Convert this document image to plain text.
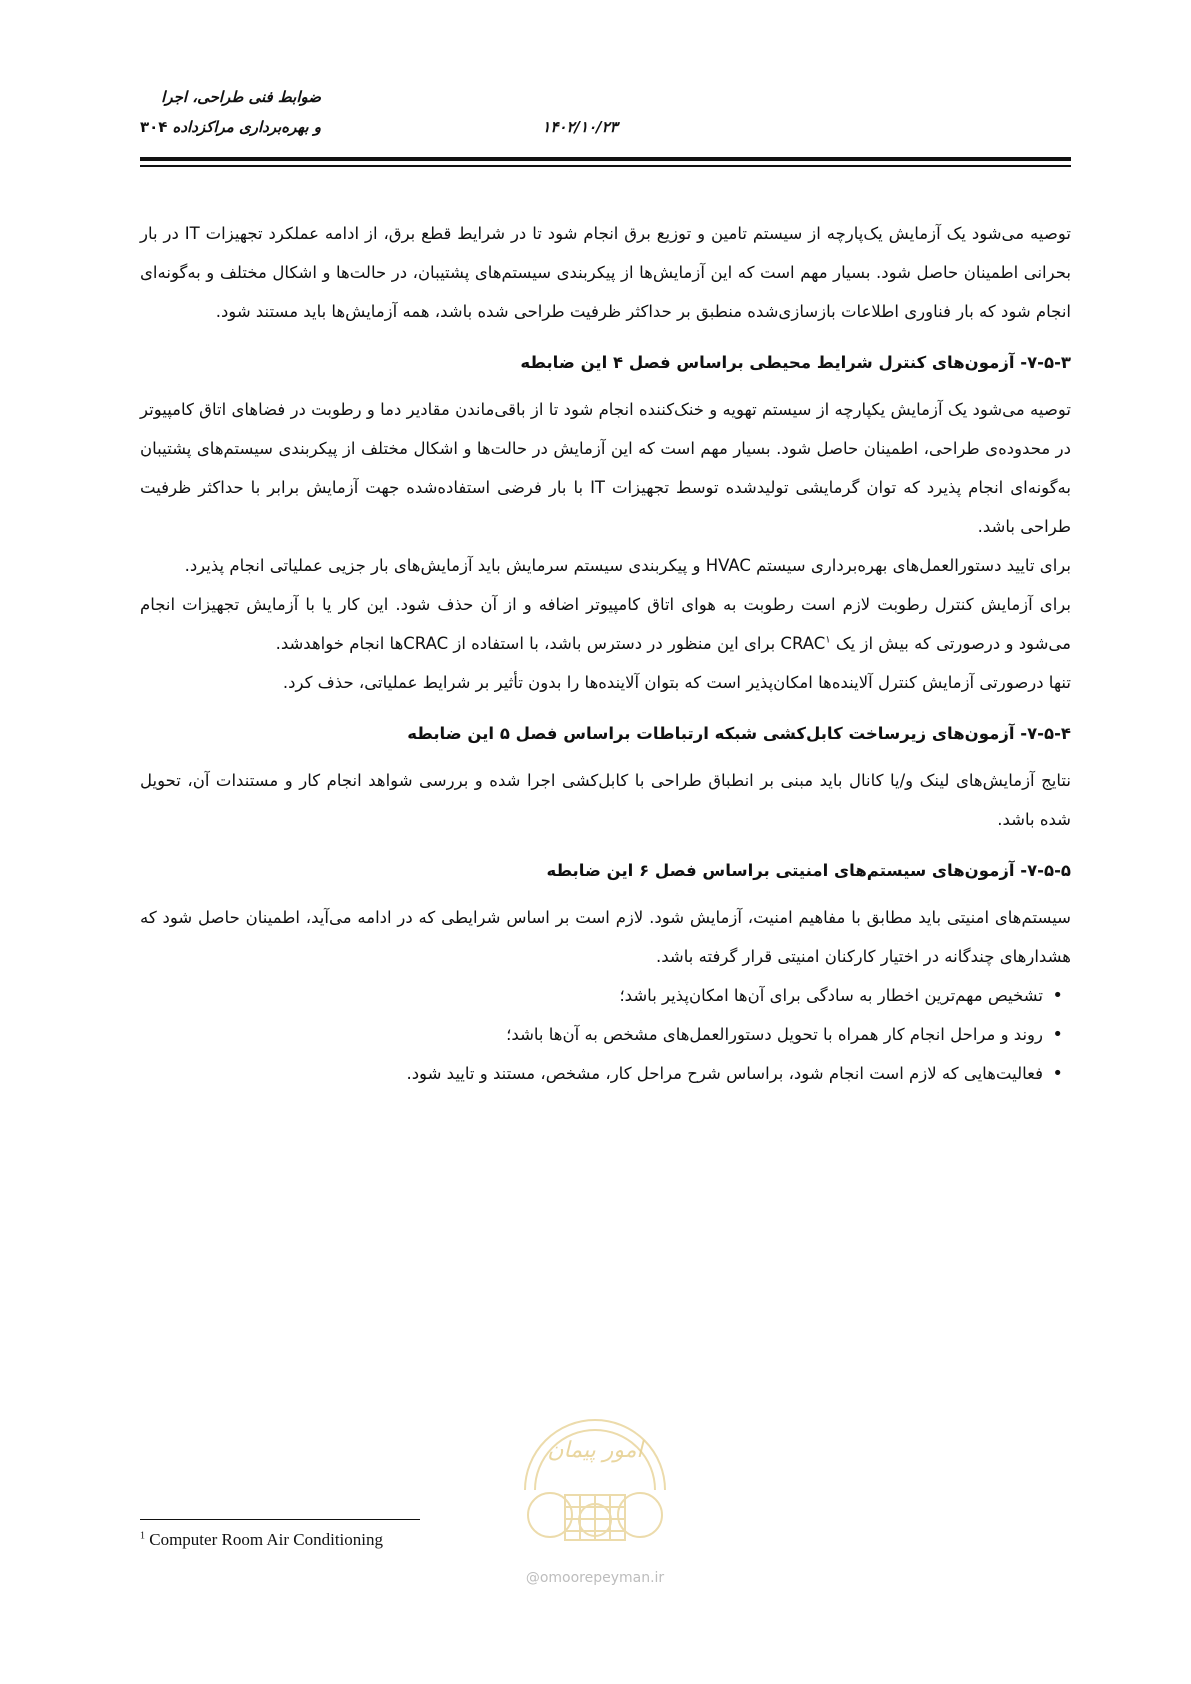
ضوابط فنی طراحی، اجرا
و بهره‌برداری مراکزداده	۱۴۰۲/۱۰/۲۳
۳۰۴

توصیه می‌شود یک آزمایش یک‌پارچه از سیستم تامین و توزیع برق انجام شود تا در شرایط قطع برق، از ادامه عملکرد تجهیزات IT در بار بحرانی اطمینان حاصل شود. بسیار مهم است که این آزمایش‌ها از پیکربندی سیستم‌های پشتیبان، در حالت‌ها و اشکال مختلف و به‌گونه‌ای انجام شود که بار فناوری اطلاعات بازسازی‌شده منطبق بر حداکثر ظرفیت طراحی شده باشد، همه آزمایش‌ها باید مستند شود.

۷-۵-۳- آزمون‌های کنترل شرایط محیطی براساس فصل ۴ این ضابطه

توصیه می‌شود یک آزمایش یکپارچه از سیستم تهویه و خنک‌کننده انجام شود تا از باقی‌ماندن مقادیر دما و رطوبت در فضاهای اتاق کامپیوتر در محدوده‌ی طراحی، اطمینان حاصل شود. بسیار مهم است که این آزمایش در حالت‌ها و اشکال مختلف از پیکربندی سیستم‌های پشتیبان به‌گونه‌ای انجام پذیرد که توان گرمایشی تولیدشده توسط تجهیزات IT با بار فرضی استفاده‌شده جهت آزمایش برابر با حداکثر ظرفیت طراحی باشد.

برای تایید دستورالعمل‌های بهره‌برداری سیستم HVAC و پیکربندی سیستم سرمایش باید آزمایش‌های بار جزیی عملیاتی انجام پذیرد.

برای آزمایش کنترل رطوبت لازم است رطوبت به هوای اتاق کامپیوتر اضافه و از آن حذف شود. این کار یا با آزمایش تجهیزات انجام می‌شود و درصورتی که بیش از یک CRAC$^۱$ برای این منظور در دسترس باشد، با استفاده از CRACها انجام خواهدشد.

تنها درصورتی آزمایش کنترل آلاینده‌ها امکان‌پذیر است که بتوان آلاینده‌ها را بدون تأثیر بر شرایط عملیاتی، حذف کرد.

۷-۵-۴- آزمون‌های زیرساخت کابل‌کشی شبکه ارتباطات براساس فصل ۵ این ضابطه

نتایج آزمایش‌های لینک و/یا کانال باید مبنی بر انطباق طراحی با کابل‌کشی اجرا شده و بررسی شواهد انجام کار و مستندات آن، تحویل شده باشد.

۷-۵-۵- آزمون‌های سیستم‌های امنیتی براساس فصل ۶ این ضابطه

سیستم‌های امنیتی باید مطابق با مفاهیم امنیت، آزمایش شود. لازم است بر اساس شرایطی که در ادامه می‌آید، اطمینان حاصل شود که هشدارهای چندگانه در اختیار کارکنان امنیتی قرار گرفته باشد.

• تشخیص مهم‌ترین اخطار به سادگی برای آن‌ها امکان‌پذیر باشد؛
• روند و مراحل انجام کار همراه با تحویل دستورالعمل‌های مشخص به آن‌ها باشد؛
• فعالیت‌هایی که لازم است انجام شود، براساس شرح مراحل کار، مشخص، مستند و تایید شود.
امور پیمان
@omoorepeyman.ir
$^1$ Computer Room Air Conditioning
